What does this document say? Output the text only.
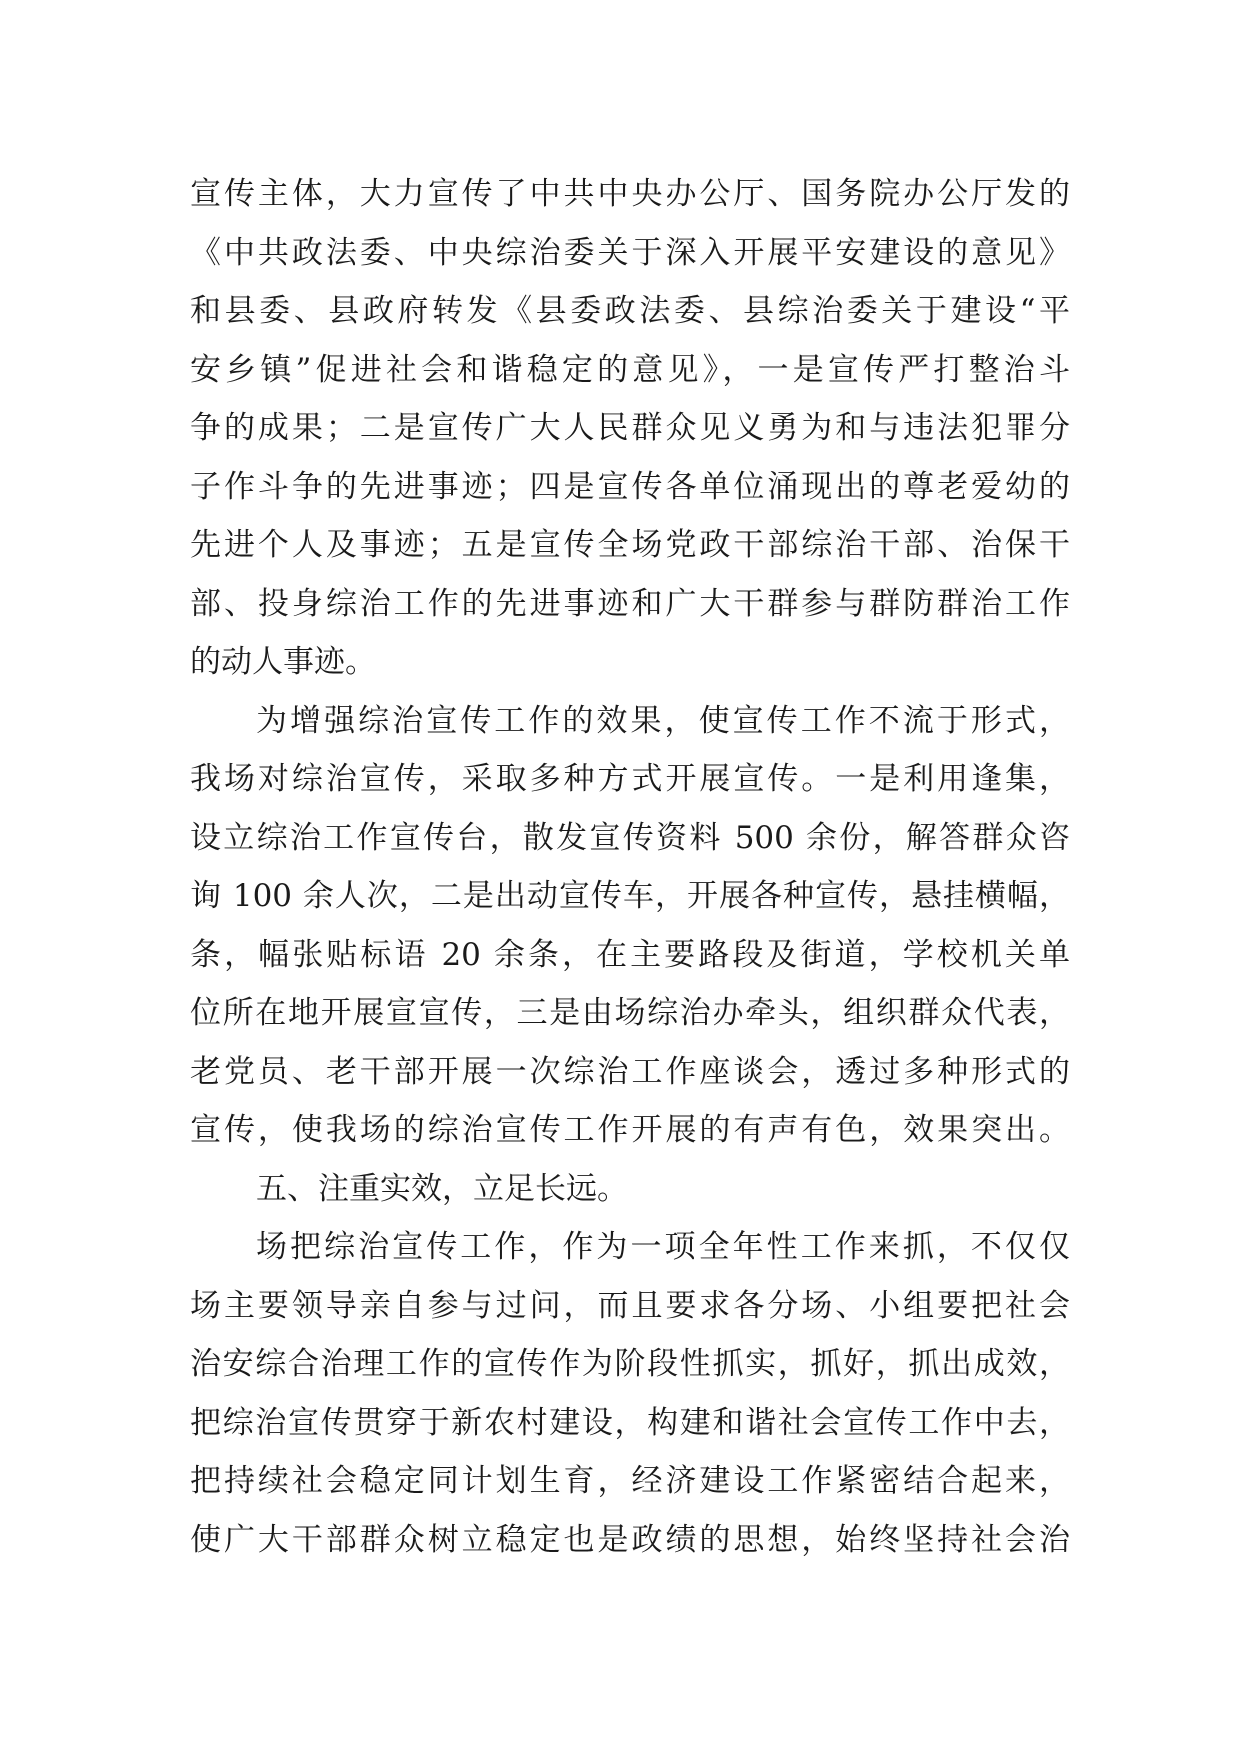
宣传主体，大力宣传了中共中央办公厅、国务院办公厅发的
《中共政法委、中央综治委关于深入开展平安建设的意见》
和县委、县政府转发《县委政法委、县综治委关于建设“平
安乡镇”促进社会和谐稳定的意见》，一是宣传严打整治斗
争的成果；二是宣传广大人民群众见义勇为和与违法犯罪分
子作斗争的先进事迹；四是宣传各单位涌现出的尊老爱幼的
先进个人及事迹；五是宣传全场党政干部综治干部、治保干
部、投身综治工作的先进事迹和广大干群参与群防群治工作
的动人事迹。
为增强综治宣传工作的效果，使宣传工作不流于形式，
我场对综治宣传，采取多种方式开展宣传。一是利用逢集，
设立综治工作宣传台，散发宣传资料 500 余份，解答群众咨
询 100 余人次，二是出动宣传车，开展各种宣传，悬挂横幅，
条，幅张贴标语 20 余条，在主要路段及街道，学校机关单
位所在地开展宣宣传，三是由场综治办牵头，组织群众代表，
老党员、老干部开展一次综治工作座谈会，透过多种形式的
宣传，使我场的综治宣传工作开展的有声有色，效果突出。
五、注重实效，立足长远。
场把综治宣传工作，作为一项全年性工作来抓，不仅仅
场主要领导亲自参与过问，而且要求各分场、小组要把社会
治安综合治理工作的宣传作为阶段性抓实，抓好，抓出成效，
把综治宣传贯穿于新农村建设，构建和谐社会宣传工作中去，
把持续社会稳定同计划生育，经济建设工作紧密结合起来，
使广大干部群众树立稳定也是政绩的思想，始终坚持社会治
